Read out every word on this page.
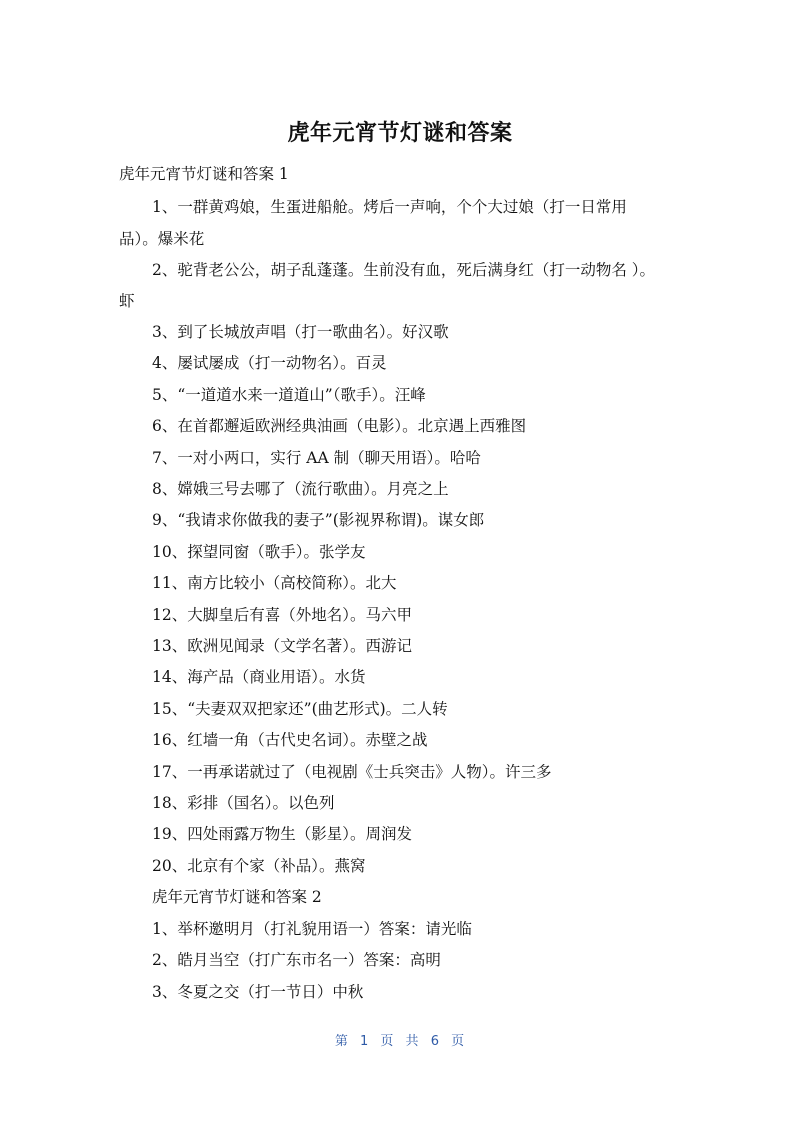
虎年元宵节灯谜和答案
虎年元宵节灯谜和答案 1
1、一群黄鸡娘，生蛋进船舱。烤后一声响，个个大过娘（打一日常用
品）。爆米花
2、驼背老公公，胡子乱蓬蓬。生前没有血，死后满身红（打一动物名 ）。
虾
3、到了长城放声唱（打一歌曲名）。好汉歌
4、屡试屡成（打一动物名）。百灵
5、“一道道水来一道道山”（歌手）。汪峰
6、在首都邂逅欧洲经典油画（电影）。北京遇上西雅图
7、一对小两口，实行 AA 制（聊天用语）。哈哈
8、嫦娥三号去哪了（流行歌曲）。月亮之上
9、“我请求你做我的妻子”(影视界称谓)。谋女郎
10、探望同窗（歌手）。张学友
11、南方比较小（高校简称）。北大
12、大脚皇后有喜（外地名）。马六甲
13、欧洲见闻录（文学名著）。西游记
14、海产品（商业用语）。水货
15、“夫妻双双把家还”(曲艺形式)。二人转
16、红墙一角（古代史名词）。赤壁之战
17、一再承诺就过了（电视剧《士兵突击》人物）。许三多
18、彩排（国名）。以色列
19、四处雨露万物生（影星）。周润发
20、北京有个家（补品）。燕窝
虎年元宵节灯谜和答案 2
1、举杯邀明月（打礼貌用语一）答案：请光临
2、皓月当空（打广东市名一）答案：高明
3、冬夏之交（打一节日）中秋
第 1 页 共 6 页
